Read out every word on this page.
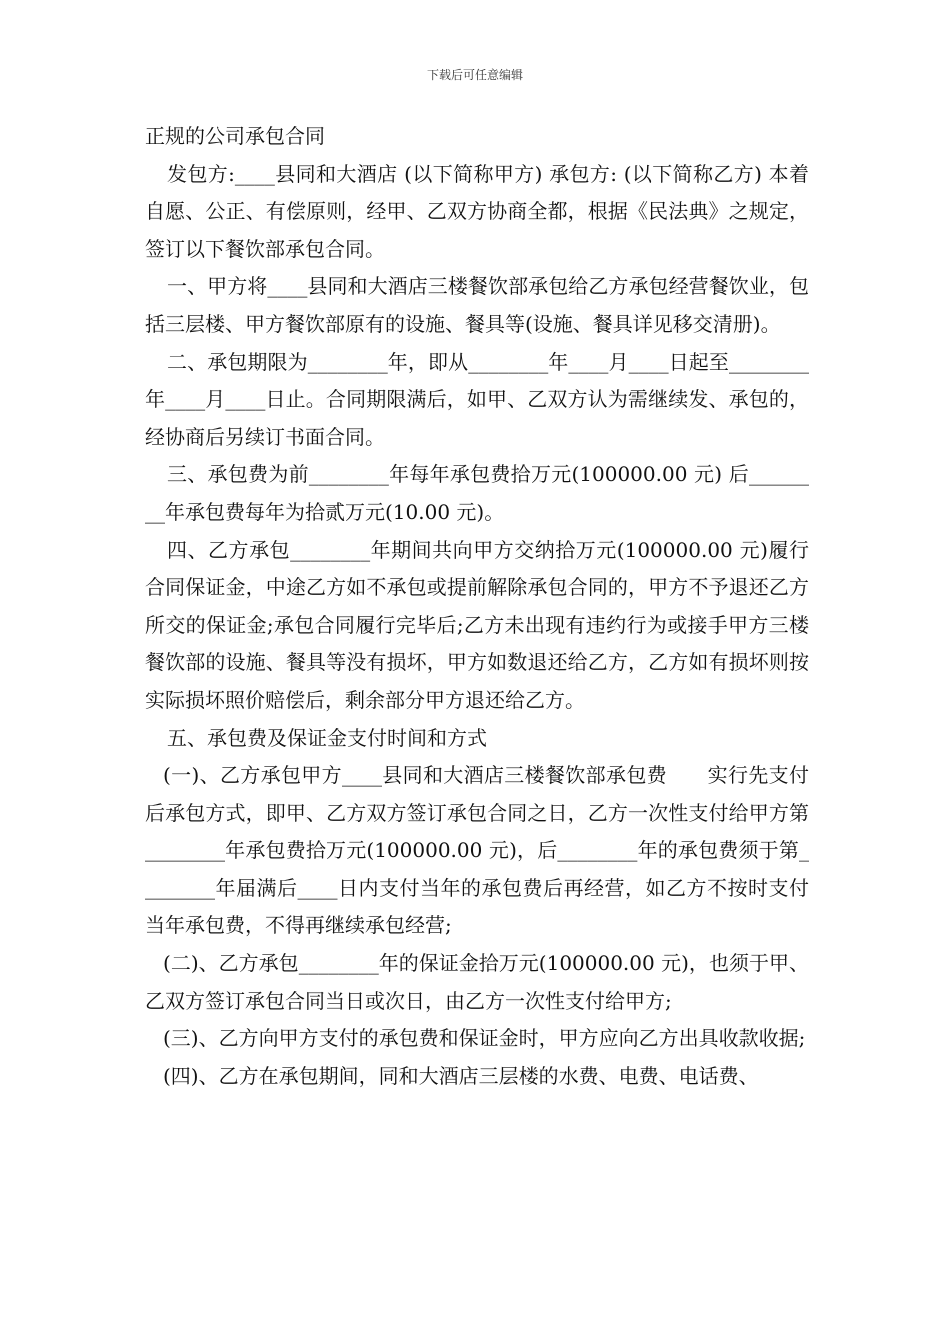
下载后可任意编辑

正规的公司承包合同

发包方:____县同和大酒店 (以下简称甲方) 承包方: (以下简称乙方) 本着自愿、公正、有偿原则，经甲、乙双方协商全都，根据《民法典》之规定，签订以下餐饮部承包合同。

一、甲方将____县同和大酒店三楼餐饮部承包给乙方承包经营餐饮业，包括三层楼、甲方餐饮部原有的设施、餐具等(设施、餐具详见移交清册)。

二、承包期限为________年，即从________年____月____日起至________年____月____日止。合同期限满后，如甲、乙双方认为需继续发、承包的，经协商后另续订书面合同。

三、承包费为前________年每年承包费拾万元(100000.00 元) 后________年承包费每年为拾贰万元(10.00 元)。

四、乙方承包________年期间共向甲方交纳拾万元(100000.00 元)履行合同保证金，中途乙方如不承包或提前解除承包合同的，甲方不予退还乙方所交的保证金;承包合同履行完毕后;乙方未出现有违约行为或接手甲方三楼餐饮部的设施、餐具等没有损坏，甲方如数退还给乙方，乙方如有损坏则按实际损坏照价赔偿后，剩余部分甲方退还给乙方。

五、承包费及保证金支付时间和方式

(一)、乙方承包甲方____县同和大酒店三楼餐饮部承包费　　实行先支付后承包方式，即甲、乙方双方签订承包合同之日，乙方一次性支付给甲方第________年承包费拾万元(100000.00 元)，后________年的承包费须于第________年届满后____日内支付当年的承包费后再经营，如乙方不按时支付当年承包费，不得再继续承包经营;

(二)、乙方承包________年的保证金拾万元(100000.00 元)，也须于甲、乙双方签订承包合同当日或次日，由乙方一次性支付给甲方;

(三)、乙方向甲方支付的承包费和保证金时，甲方应向乙方出具收款收据;

(四)、乙方在承包期间，同和大酒店三层楼的水费、电费、电话费、
